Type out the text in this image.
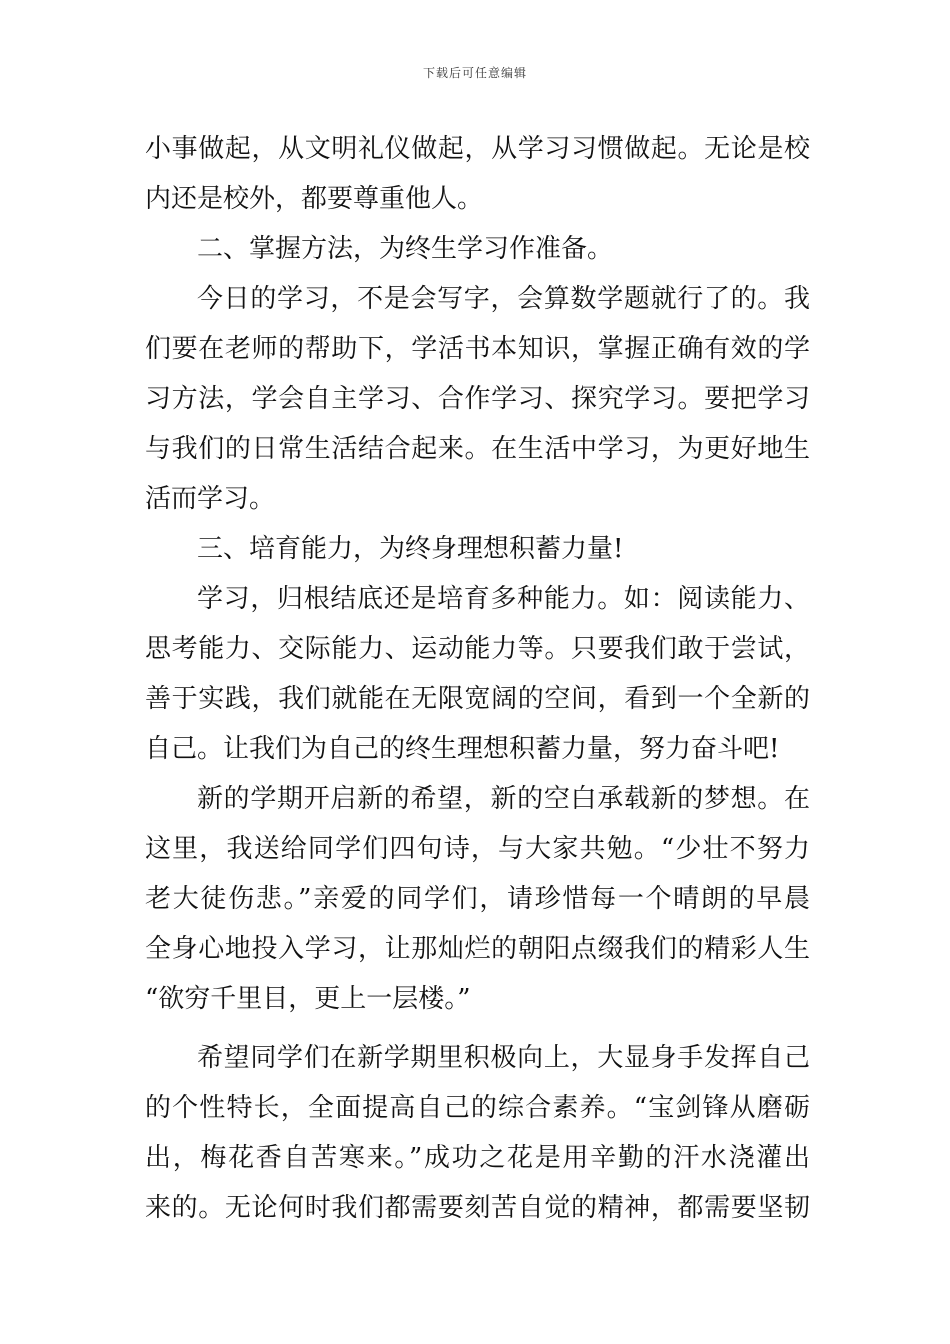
下载后可任意编辑
小事做起，从文明礼仪做起，从学习习惯做起。无论是校
内还是校外，都要尊重他人。
二、掌握方法，为终生学习作准备。
今日的学习，不是会写字，会算数学题就行了的。我
们要在老师的帮助下，学活书本知识，掌握正确有效的学
习方法，学会自主学习、合作学习、探究学习。要把学习
与我们的日常生活结合起来。在生活中学习，为更好地生
活而学习。
三、培育能力，为终身理想积蓄力量!
学习，归根结底还是培育多种能力。如：阅读能力、
思考能力、交际能力、运动能力等。只要我们敢于尝试，
善于实践，我们就能在无限宽阔的空间，看到一个全新的
自己。让我们为自己的终生理想积蓄力量，努力奋斗吧!
新的学期开启新的希望，新的空白承载新的梦想。在
这里，我送给同学们四句诗，与大家共勉。“少壮不努力
老大徒伤悲。”亲爱的同学们，请珍惜每一个晴朗的早晨
全身心地投入学习，让那灿烂的朝阳点缀我们的精彩人生
“欲穷千里目，更上一层楼。”
希望同学们在新学期里积极向上，大显身手发挥自己
的个性特长，全面提高自己的综合素养。“宝剑锋从磨砺
出，梅花香自苦寒来。”成功之花是用辛勤的汗水浇灌出
来的。无论何时我们都需要刻苦自觉的精神，都需要坚韧
